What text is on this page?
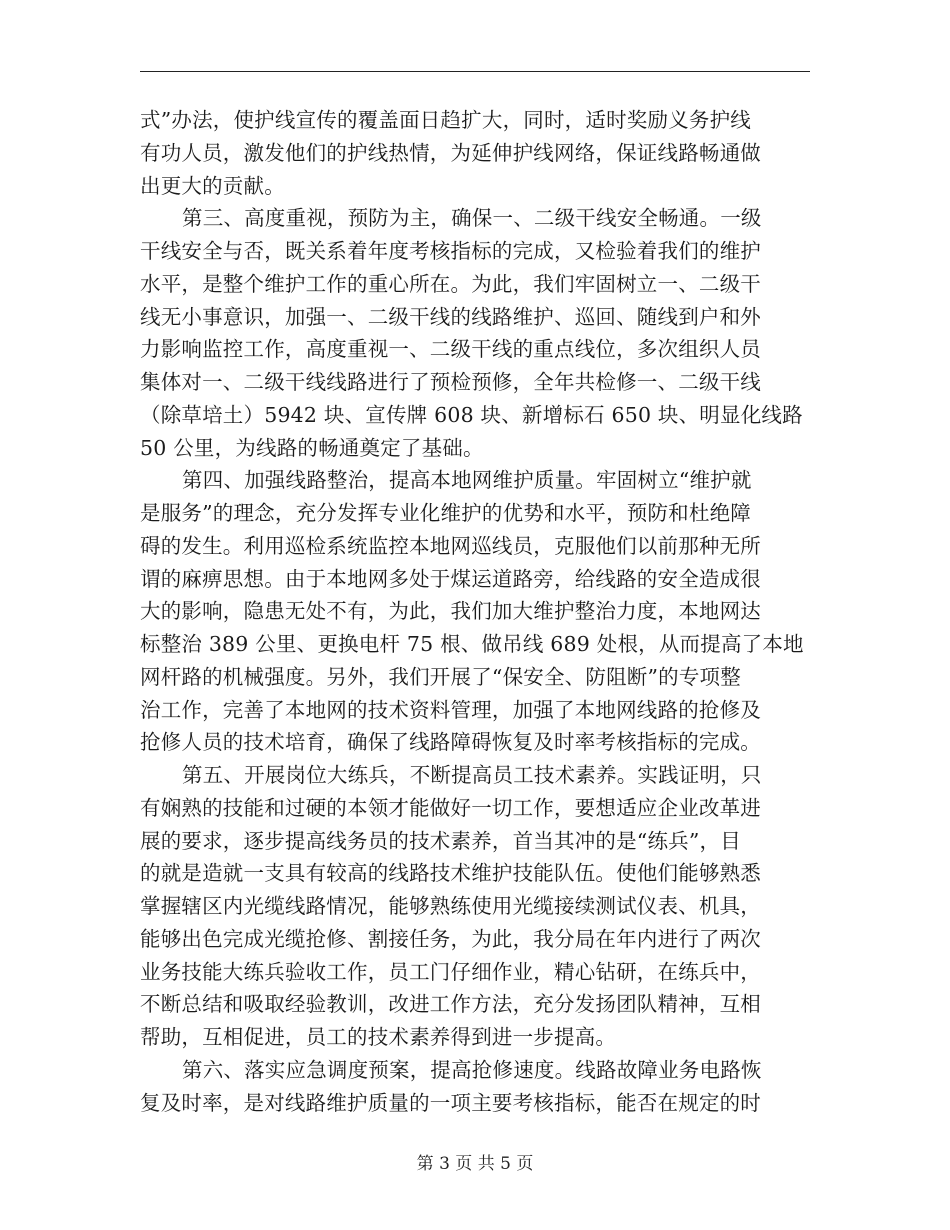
式”办法，使护线宣传的覆盖面日趋扩大，同时，适时奖励义务护线
有功人员，激发他们的护线热情，为延伸护线网络，保证线路畅通做
出更大的贡献。
第三、高度重视，预防为主，确保一、二级干线安全畅通。一级
干线安全与否，既关系着年度考核指标的完成，又检验着我们的维护
水平，是整个维护工作的重心所在。为此，我们牢固树立一、二级干
线无小事意识，加强一、二级干线的线路维护、巡回、随线到户和外
力影响监控工作，高度重视一、二级干线的重点线位，多次组织人员
集体对一、二级干线线路进行了预检预修，全年共检修一、二级干线
（除草培土）5942 块、宣传牌 608 块、新增标石 650 块、明显化线路
50 公里，为线路的畅通奠定了基础。
第四、加强线路整治，提高本地网维护质量。牢固树立“维护就
是服务”的理念，充分发挥专业化维护的优势和水平，预防和杜绝障
碍的发生。利用巡检系统监控本地网巡线员，克服他们以前那种无所
谓的麻痹思想。由于本地网多处于煤运道路旁，给线路的安全造成很
大的影响，隐患无处不有，为此，我们加大维护整治力度，本地网达
标整治 389 公里、更换电杆 75 根、做吊线 689 处根，从而提高了本地
网杆路的机械强度。另外，我们开展了“保安全、防阻断”的专项整
治工作，完善了本地网的技术资料管理，加强了本地网线路的抢修及
抢修人员的技术培育，确保了线路障碍恢复及时率考核指标的完成。
第五、开展岗位大练兵，不断提高员工技术素养。实践证明，只
有娴熟的技能和过硬的本领才能做好一切工作，要想适应企业改革进
展的要求，逐步提高线务员的技术素养，首当其冲的是“练兵”，目
的就是造就一支具有较高的线路技术维护技能队伍。使他们能够熟悉
掌握辖区内光缆线路情况，能够熟练使用光缆接续测试仪表、机具，
能够出色完成光缆抢修、割接任务，为此，我分局在年内进行了两次
业务技能大练兵验收工作，员工门仔细作业，精心钻研，在练兵中，
不断总结和吸取经验教训，改进工作方法，充分发扬团队精神，互相
帮助，互相促进，员工的技术素养得到进一步提高。
第六、落实应急调度预案，提高抢修速度。线路故障业务电路恢
复及时率，是对线路维护质量的一项主要考核指标，能否在规定的时
第 3 页 共 5 页
